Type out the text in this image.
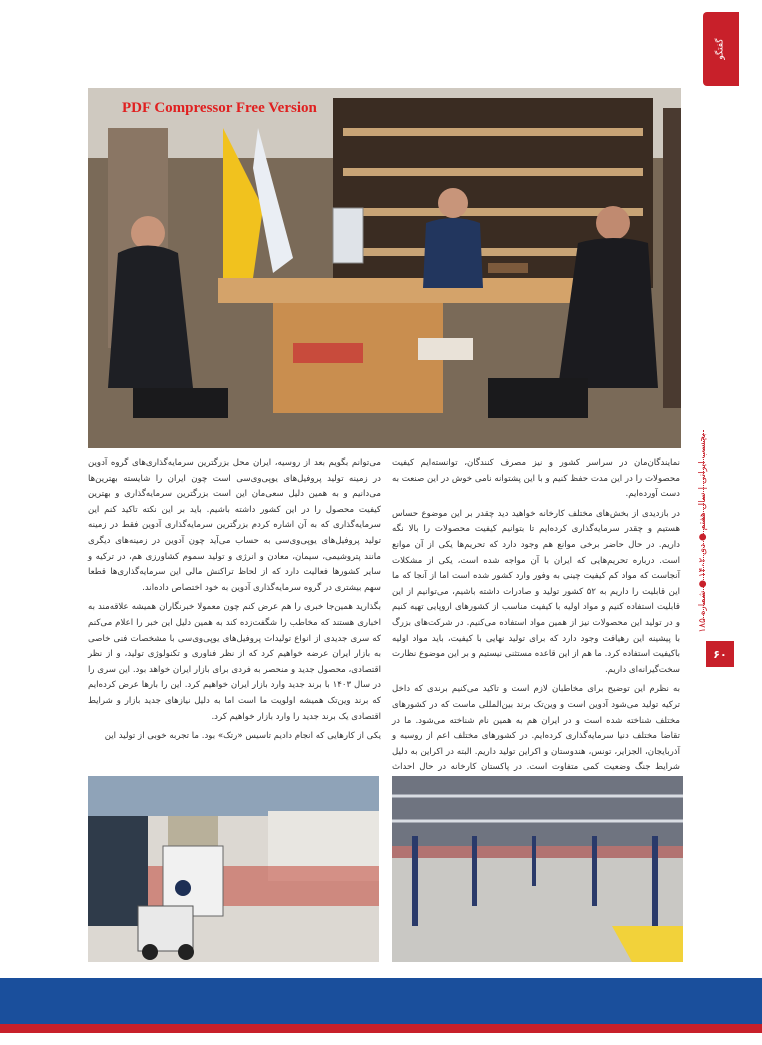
گفتگو
بچسب ایرانی | سال هفتم ● دی ۱۴۰۲ ● شماره ۱۸۵
۶۰
PDF Compressor Free Version

نمایندگان‌مان در سراسر کشور و نیز مصرف کنندگان، توانسته‌ایم کیفیت محصولات را در این مدت حفظ کنیم و با این پشتوانه نامی خوش در این صنعت به دست آورده‌ایم.

در بازدیدی از بخش‌های مختلف کارخانه خواهید دید چقدر بر این موضوع حساس هستیم و چقدر سرمایه‌گذاری کرده‌ایم تا بتوانیم کیفیت محصولات را بالا نگه داریم. در حال حاضر برخی موانع هم وجود دارد که تحریم‌ها یکی از آن موانع است. درباره تحریم‌هایی که ایران با آن مواجه شده است، یکی از مشکلات آنجاست که مواد کم کیفیت چینی به وفور وارد کشور شده است اما از آنجا که ما این قابلیت را داریم به ۵۲ کشور تولید و صادرات داشته باشیم، می‌توانیم از این قابلیت استفاده کنیم و مواد اولیه با کیفیت مناسب از کشورهای اروپایی تهیه کنیم و در تولید این محصولات نیز از همین مواد استفاده می‌کنیم. در شرکت‌های بزرگ با پیشینه این رهیافت وجود دارد که برای تولید نهایی با کیفیت، باید مواد اولیه باکیفیت استفاده کرد. ما هم از این قاعده مستثنی نیستیم و بر این موضوع نظارت سخت‌گیرانه‌ای داریم.

به نظرم این توضیح برای مخاطبان لازم است و تاکید می‌کنیم برندی که داخل ترکیه تولید می‌شود آدوین است و وین‌تک برند بین‌المللی ماست که در کشورهای مختلف شناخته شده است و در ایران هم به همین نام شناخته می‌شود. ما در تقاضا مختلف دنیا سرمایه‌گذاری کرده‌ایم. در کشورهای مختلف اعم از روسیه و آذربایجان، الجزایر، تونس، هندوستان و اکراین تولید داریم. البته در اکراین به دلیل شرایط جنگ وضعیت کمی متفاوت است. در پاکستان کارخانه در حال احداث

می‌توانم بگویم بعد از روسیه، ایران محل بزرگترین سرمایه‌گذاری‌های گروه آدوین در زمینه تولید پروفیل‌های یوپی‌وی‌سی است چون ایران را شایسته بهترین‌ها می‌دانیم و به همین دلیل سعی‌مان این است بزرگترین سرمایه‌گذاری و بهترین کیفیت محصول را در این کشور داشته باشیم. باید بر این نکته تاکید کنم این سرمایه‌گذاری که به آن اشاره کردم بزرگترین سرمایه‌گذاری آدوین فقط در زمینه تولید پروفیل‌های یوپی‌وی‌سی به حساب می‌آید چون آدوین در زمینه‌های دیگری مانند پتروشیمی، سیمان، معادن و انرژی و تولید سموم کشاورزی هم، در ترکیه و سایر کشورها فعالیت دارد که از لحاظ تراکنش مالی این سرمایه‌گذاری‌ها قطعا سهم بیشتری در گروه سرمایه‌گذاری آدوین به خود اختصاص داده‌اند.

بگذارید همین‌جا خبری را هم عرض کنم چون معمولا خبرنگاران همیشه علاقه‌مند به اخباری هستند که مخاطب را شگفت‌زده کند به همین دلیل این خبر را اعلام می‌کنم که سری جدیدی از انواع تولیدات پروفیل‌های یوپی‌وی‌سی با مشخصات فنی خاصی به بازار ایران عرضه خواهیم کرد که از نظر فناوری و تکنولوژی تولید، و از نظر اقتصادی، محصول جدید و منحصر به فردی برای بازار ایران خواهد بود. این سری را در سال ۱۴۰۳ با برند جدید وارد بازار ایران خواهیم کرد. این را بارها عرض کرده‌ایم که برند وین‌تک همیشه اولویت ما است اما به دلیل نیازهای جدید بازار و شرایط اقتصادی یک برند جدید را وارد بازار خواهیم کرد.

یکی از کارهایی که انجام دادیم تاسیس «رتک» بود. ما تجربه خوبی از تولید این
